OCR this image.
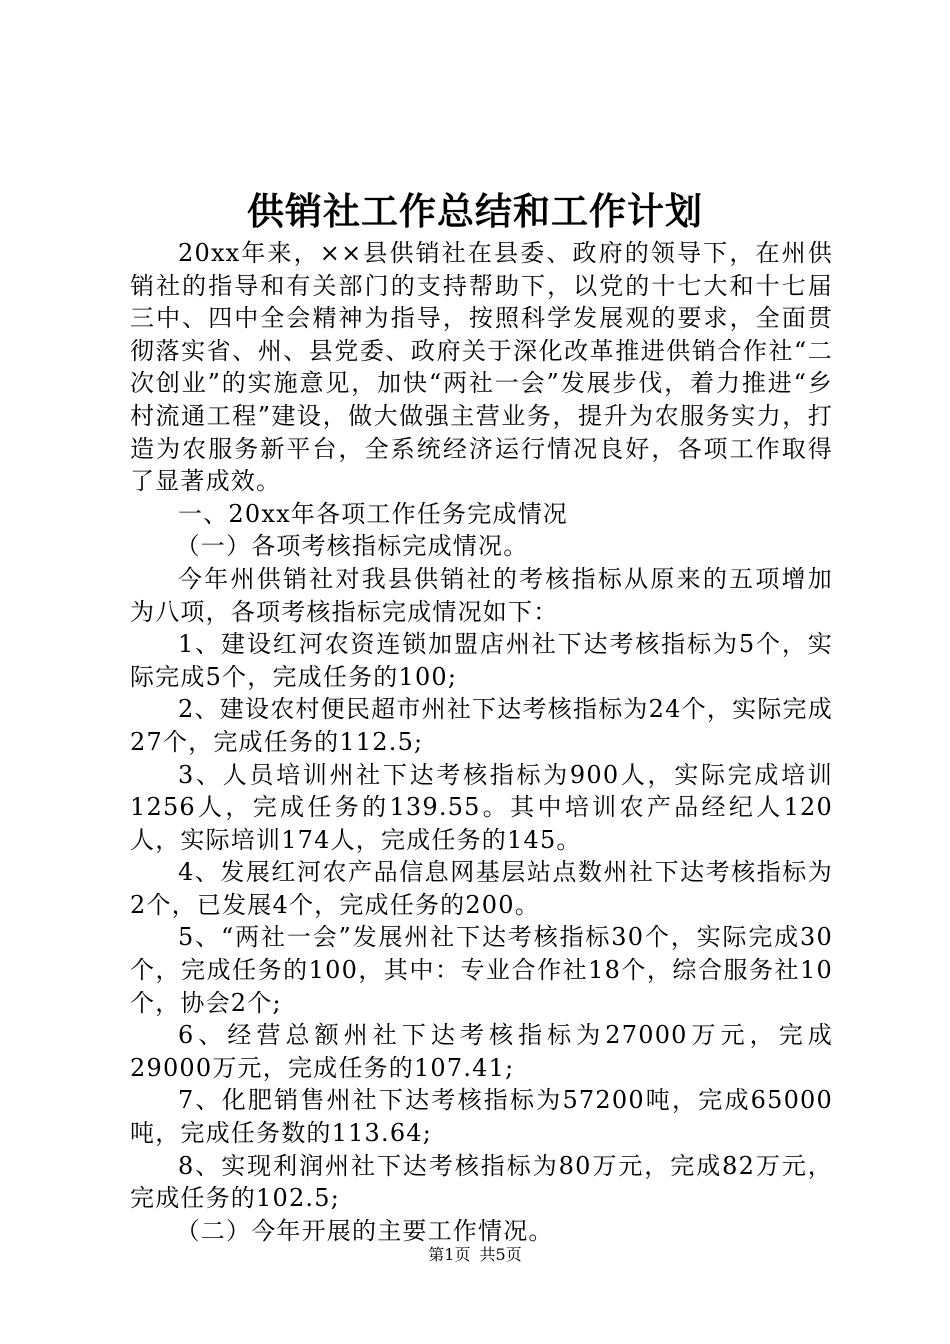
供销社工作总结和工作计划

20xx年来，××县供销社在县委、政府的领导下，在州供销社的指导和有关部门的支持帮助下，以党的十七大和十七届三中、四中全会精神为指导，按照科学发展观的要求，全面贯彻落实省、州、县党委、政府关于深化改革推进供销合作社“二次创业”的实施意见，加快“两社一会”发展步伐，着力推进“乡村流通工程”建设，做大做强主营业务，提升为农服务实力，打造为农服务新平台，全系统经济运行情况良好，各项工作取得了显著成效。

一、20xx年各项工作任务完成情况

（一）各项考核指标完成情况。

今年州供销社对我县供销社的考核指标从原来的五项增加为八项，各项考核指标完成情况如下：

1、建设红河农资连锁加盟店州社下达考核指标为5个，实际完成5个，完成任务的100;

2、建设农村便民超市州社下达考核指标为24个，实际完成27个，完成任务的112.5;

3、人员培训州社下达考核指标为900人，实际完成培训1256人，完成任务的139.55。其中培训农产品经纪人120人，实际培训174人，完成任务的145。

4、发展红河农产品信息网基层站点数州社下达考核指标为2个，已发展4个，完成任务的200。

5、“两社一会”发展州社下达考核指标30个，实际完成30个，完成任务的100，其中：专业合作社18个，综合服务社10个，协会2个;

6、经营总额州社下达考核指标为27000万元，完成29000万元，完成任务的107.41;

7、化肥销售州社下达考核指标为57200吨，完成65000吨，完成任务数的113.64;

8、实现利润州社下达考核指标为80万元，完成82万元，完成任务的102.5;

（二）今年开展的主要工作情况。

第1页 共5页
